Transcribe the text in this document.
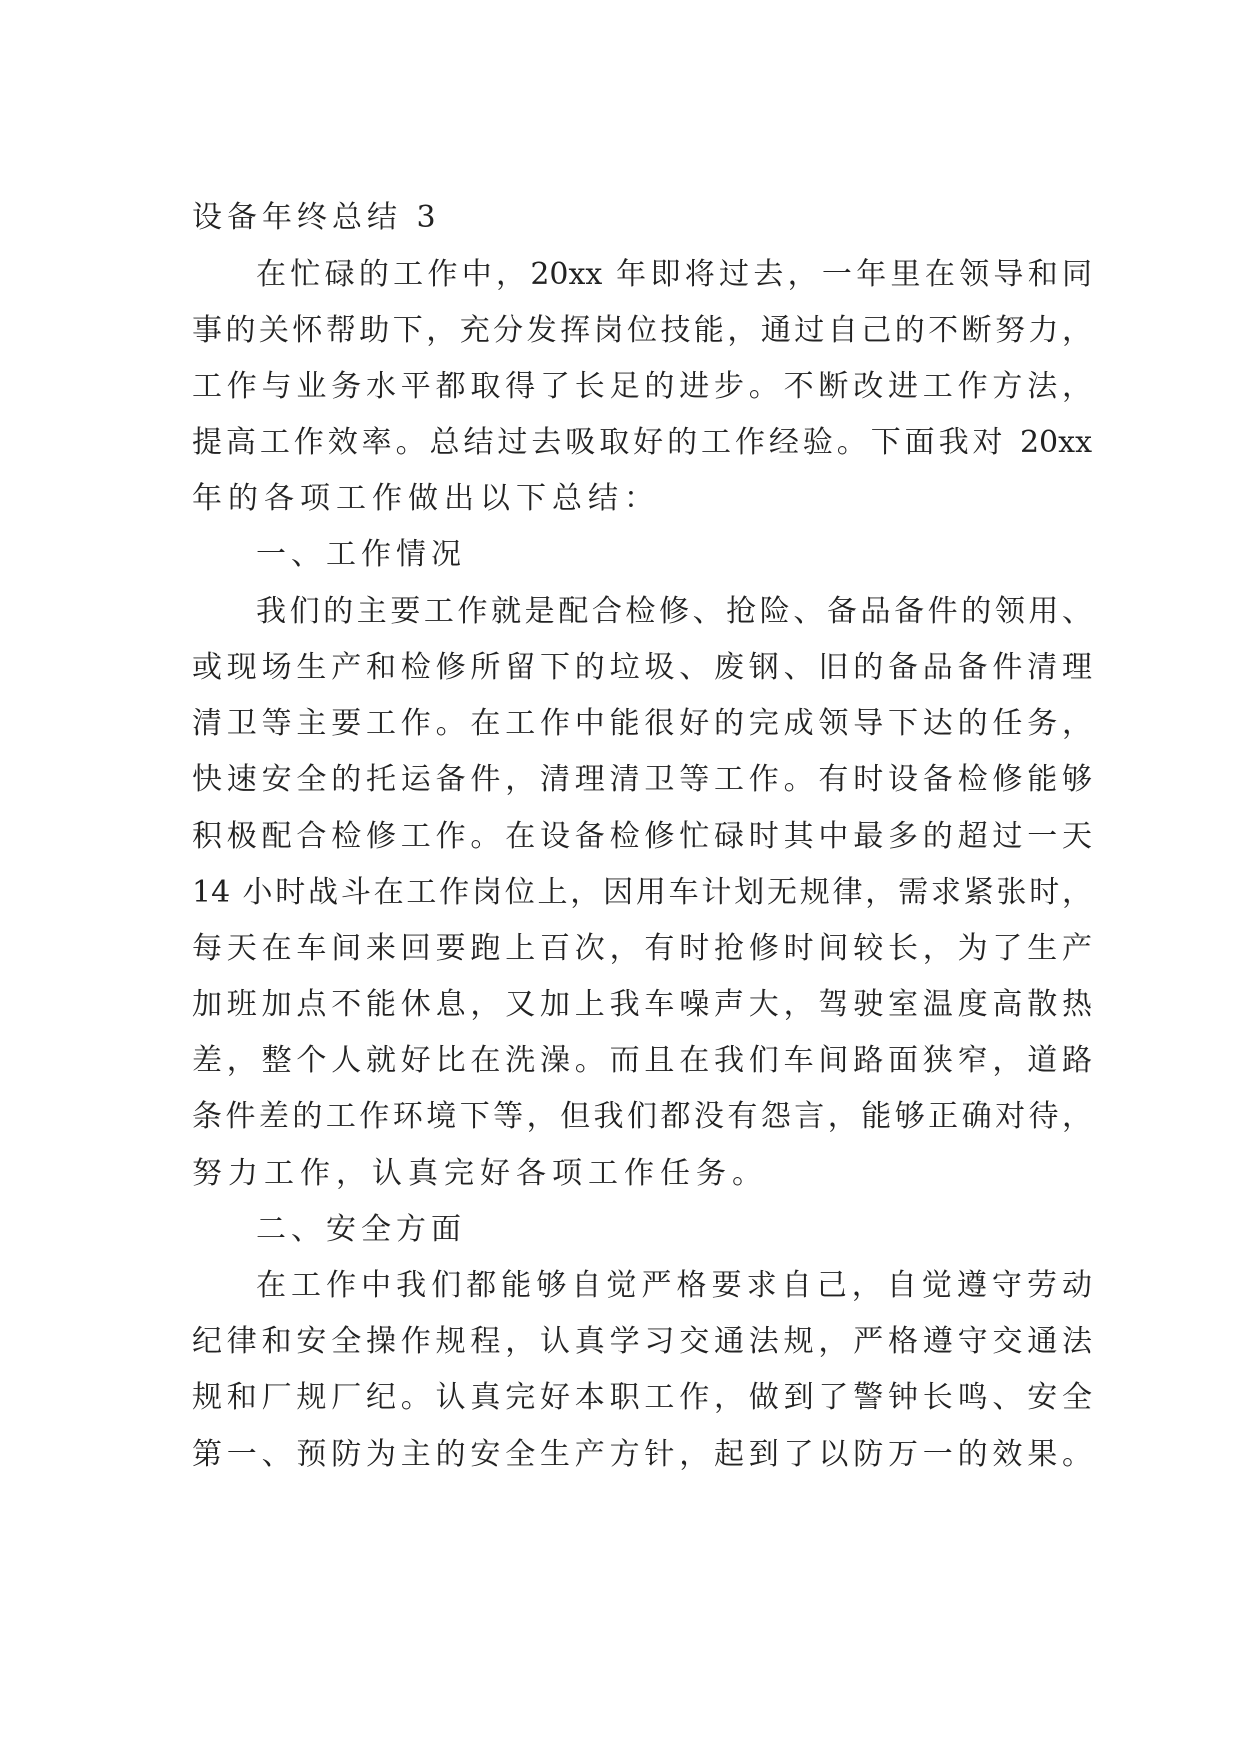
设备年终总结 3
在忙碌的工作中，20xx 年即将过去，一年里在领导和同
事的关怀帮助下，充分发挥岗位技能，通过自己的不断努力，
工作与业务水平都取得了长足的进步。不断改进工作方法，
提高工作效率。总结过去吸取好的工作经验。下面我对 20xx
年的各项工作做出以下总结：
一、工作情况
我们的主要工作就是配合检修、抢险、备品备件的领用、
或现场生产和检修所留下的垃圾、废钢、旧的备品备件清理
清卫等主要工作。在工作中能很好的完成领导下达的任务，
快速安全的托运备件，清理清卫等工作。有时设备检修能够
积极配合检修工作。在设备检修忙碌时其中最多的超过一天
14 小时战斗在工作岗位上，因用车计划无规律，需求紧张时，
每天在车间来回要跑上百次，有时抢修时间较长，为了生产
加班加点不能休息，又加上我车噪声大，驾驶室温度高散热
差，整个人就好比在洗澡。而且在我们车间路面狭窄，道路
条件差的工作环境下等，但我们都没有怨言，能够正确对待，
努力工作，认真完好各项工作任务。
二、安全方面
在工作中我们都能够自觉严格要求自己，自觉遵守劳动
纪律和安全操作规程，认真学习交通法规，严格遵守交通法
规和厂规厂纪。认真完好本职工作，做到了警钟长鸣、安全
第一、预防为主的安全生产方针，起到了以防万一的效果。
